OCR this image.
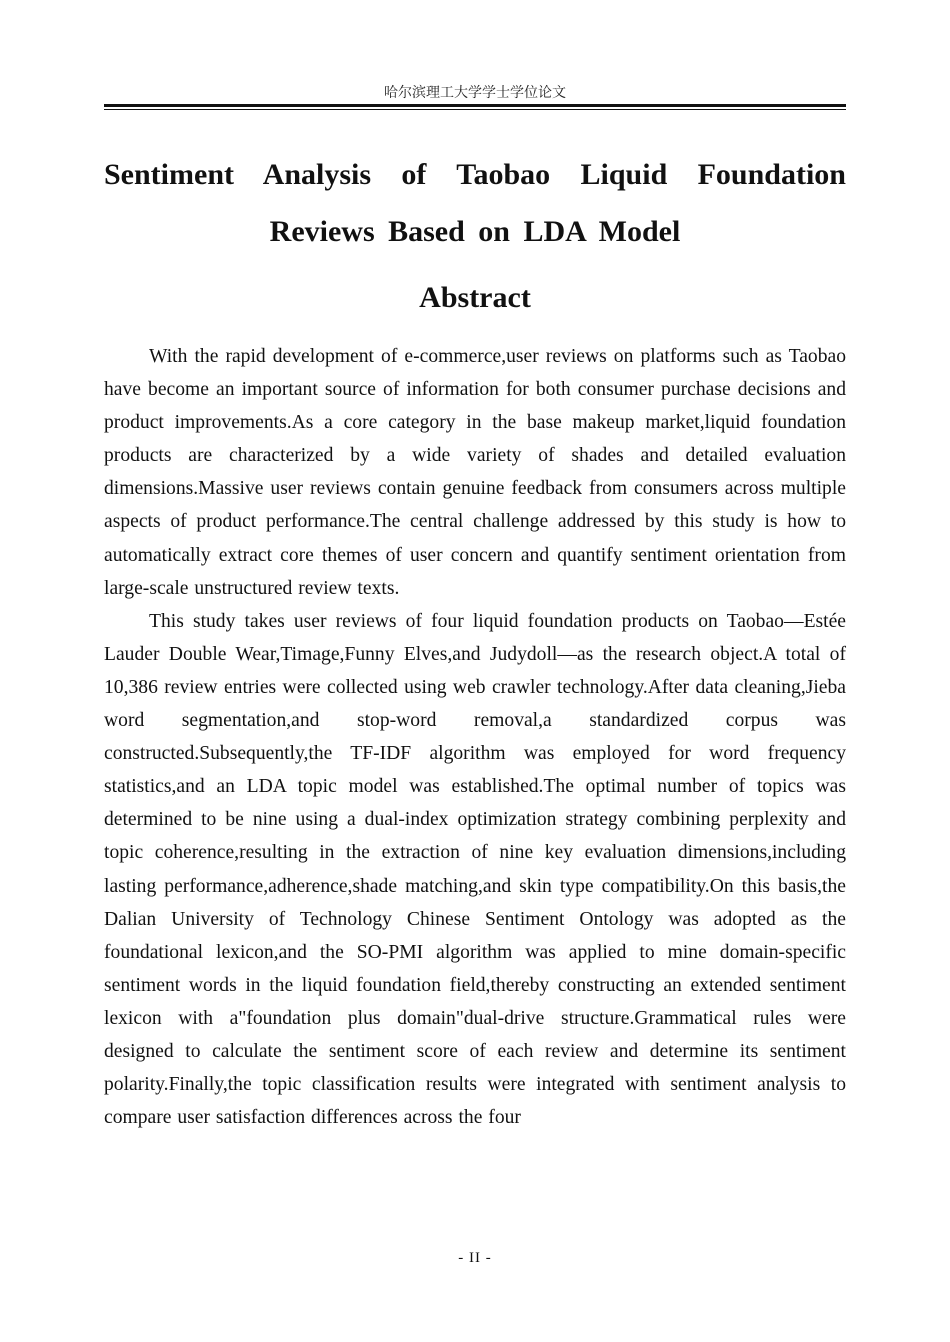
哈尔滨理工大学学士学位论文
Sentiment Analysis of Taobao Liquid Foundation Reviews Based on LDA Model
Abstract

With the rapid development of e-commerce,user reviews on platforms such as Taobao have become an important source of information for both consumer purchase decisions and product improvements.As a core category in the base makeup market,liquid foundation products are characterized by a wide variety of shades and detailed evaluation dimensions.Massive user reviews contain genuine feedback from consumers across multiple aspects of product performance.The central challenge addressed by this study is how to automatically extract core themes of user concern and quantify sentiment orientation from large-scale unstructured review texts.

This study takes user reviews of four liquid foundation products on Taobao—Estée Lauder Double Wear,Timage,Funny Elves,and Judydoll—as the research object.A total of 10,386 review entries were collected using web crawler technology.After data cleaning,Jieba word segmentation,and stop-word removal,a standardized corpus was constructed.Subsequently,the TF-IDF algorithm was employed for word frequency statistics,and an LDA topic model was established.The optimal number of topics was determined to be nine using a dual-index optimization strategy combining perplexity and topic coherence,resulting in the extraction of nine key evaluation dimensions,including lasting performance,adherence,shade matching,and skin type compatibility.On this basis,the Dalian University of Technology Chinese Sentiment Ontology was adopted as the foundational lexicon,and the SO-PMI algorithm was applied to mine domain-specific sentiment words in the liquid foundation field,thereby constructing an extended sentiment lexicon with a"foundation plus domain"dual-drive structure.Grammatical rules were designed to calculate the sentiment score of each review and determine its sentiment polarity.Finally,the topic classification results were integrated with sentiment analysis to compare user satisfaction differences across the four

- II -
